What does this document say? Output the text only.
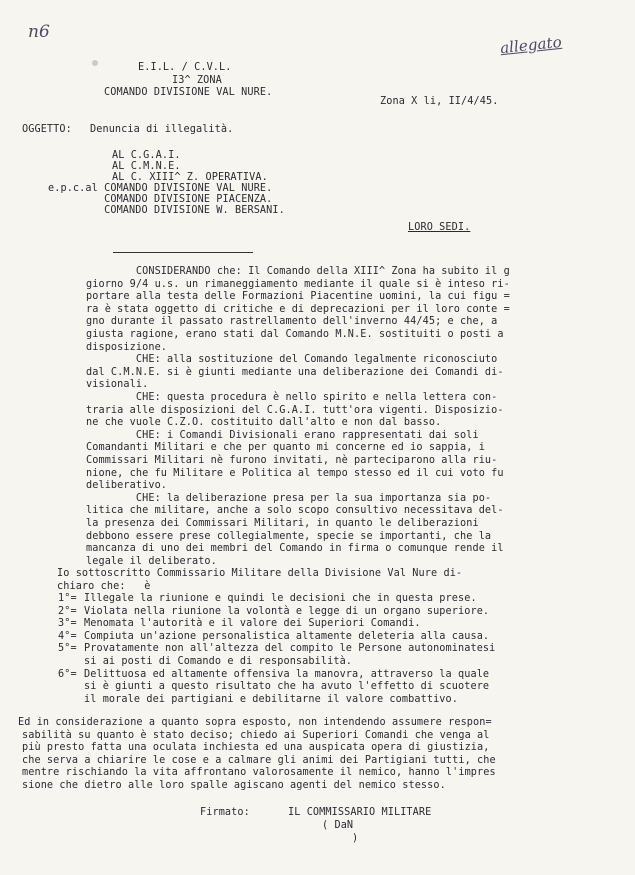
n6
allegato
E.I.L. / C.V.L.
I3^ ZONA
COMANDO DIVISIONE VAL NURE.
Zona X li, II/4/45.
OGGETTO: Denuncia di illegalità.
AL C.G.A.I.
AL C.M.N.E.
AL C. XIII^ Z. OPERATIVA.
e.p.c.al COMANDO DIVISIONE VAL NURE.
COMANDO DIVISIONE PIACENZA.
COMANDO DIVISIONE W. BERSANI.
LORO SEDI.
CONSIDERANDO che: Il Comando della XIII^ Zona ha subito il g
giorno 9/4 u.s. un rimaneggiamento mediante il quale si è inteso ri-
portare alla testa delle Formazioni Piacentine uomini, la cui figu =
ra è stata oggetto di critiche e di deprecazioni per il loro conte =
gno durante il passato rastrellamento dell'inverno 44/45; e che, a
giusta ragione, erano stati dal Comando M.N.E. sostituiti o posti a
disposizione.
CHE: alla sostituzione del Comando legalmente riconosciuto
dal C.M.N.E. si è giunti mediante una deliberazione dei Comandi di-
visionali.
CHE: questa procedura è nello spirito e nella lettera con-
traria alle disposizioni del C.G.A.I. tutt'ora vigenti. Disposizio-
ne che vuole C.Z.O. costituito dall'alto e non dal basso.
CHE: i Comandi Divisionali erano rappresentati dai soli
Comandanti Militari e che per quanto mi concerne ed io sappia, i
Commissari Militari nè furono invitati, nè parteciparono alla riu-
nione, che fu Militare e Politica al tempo stesso ed il cui voto fu
deliberativo.
CHE: la deliberazione presa per la sua importanza sia po-
litica che militare, anche a solo scopo consultivo necessitava del-
la presenza dei Commissari Militari, in quanto le deliberazioni
debbono essere prese collegialmente, specie se importanti, che la
mancanza di uno dei membri del Comando in firma o comunque rende il
legale il deliberato.
Io sottoscritto Commissario Militare della Divisione Val Nure di-
chiaro che:   è
1°= Illegale la riunione e quindi le decisioni che in questa prese.
2°= Violata nella riunione la volontà e legge di un organo superiore.
3°= Menomata l'autorità e il valore dei Superiori Comandi.
4°= Compiuta un'azione personalistica altamente deleteria alla causa.
5°= Provatamente non all'altezza del compito le Persone autonominatesi
si ai posti di Comando e di responsabilità.
6°= Delittuosa ed altamente offensiva la manovra, attraverso la quale
si è giunti a questo risultato che ha avuto l'effetto di scuotere
il morale dei partigiani e debilitarne il valore combattivo.
Ed in considerazione a quanto sopra esposto, non intendendo assumere respon=
sabilità su quanto è stato deciso; chiedo ai Superiori Comandi che venga al
più presto fatta una oculata inchiesta ed una auspicata opera di giustizia,
che serva a chiarire le cose e a calmare gli animi dei Partigiani tutti, che
mentre rischiando la vita affrontano valorosamente il nemico, hanno l'impres
sione che dietro alle loro spalle agiscano agenti del nemico stesso.
Firmato:	IL COMMISSARIO MILITARE
( DaN
)
